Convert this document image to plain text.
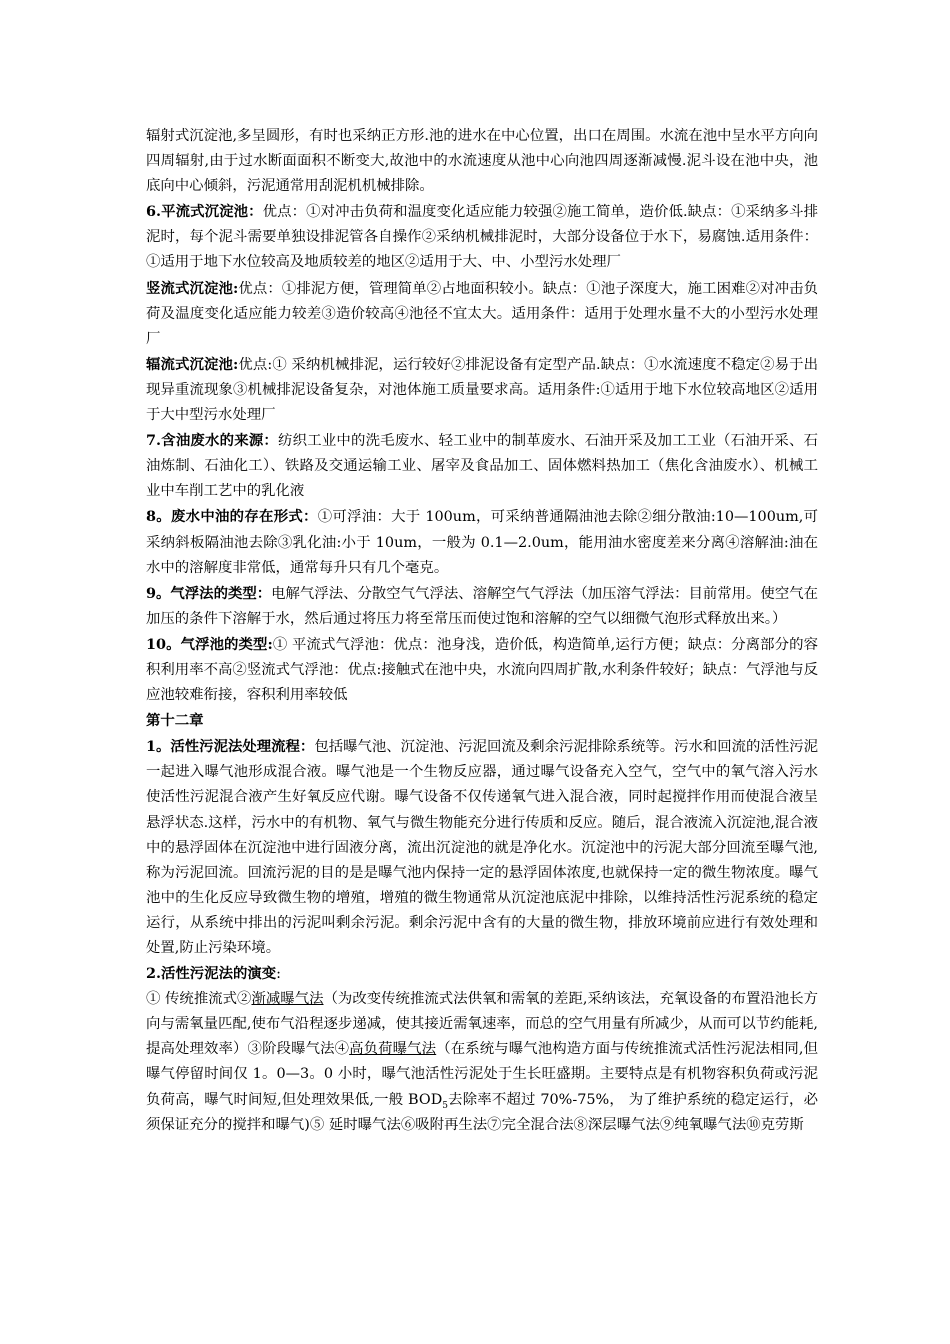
辐射式沉淀池,多呈圆形，有时也采纳正方形.池的进水在中心位置，出口在周围。水流在池中呈水平方向向四周辐射,由于过水断面面积不断变大,故池中的水流速度从池中心向池四周逐渐减慢.泥斗设在池中央，池底向中心倾斜，污泥通常用刮泥机机械排除。

6.平流式沉淀池：优点：①对冲击负荷和温度变化适应能力较强②施工简单，造价低.缺点：①采纳多斗排泥时，每个泥斗需要单独设排泥管各自操作②采纳机械排泥时，大部分设备位于水下，易腐蚀.适用条件：①适用于地下水位较高及地质较差的地区②适用于大、中、小型污水处理厂

竖流式沉淀池:优点：①排泥方便，管理简单②占地面积较小。缺点：①池子深度大，施工困难②对冲击负荷及温度变化适应能力较差③造价较高④池径不宜太大。适用条件：适用于处理水量不大的小型污水处理厂

辐流式沉淀池:优点:① 采纳机械排泥，运行较好②排泥设备有定型产品.缺点：①水流速度不稳定②易于出现异重流现象③机械排泥设备复杂，对池体施工质量要求高。适用条件:①适用于地下水位较高地区②适用于大中型污水处理厂

7.含油废水的来源：纺织工业中的洗毛废水、轻工业中的制革废水、石油开采及加工工业（石油开采、石油炼制、石油化工）、铁路及交通运输工业、屠宰及食品加工、固体燃料热加工（焦化含油废水）、机械工业中车削工艺中的乳化液

8。废水中油的存在形式：①可浮油：大于 100um，可采纳普通隔油池去除②细分散油:10—100um,可采纳斜板隔油池去除③乳化油:小于 10um，一般为 0.1—2.0um，能用油水密度差来分离④溶解油:油在水中的溶解度非常低，通常每升只有几个毫克。

9。气浮法的类型：电解气浮法、分散空气气浮法、溶解空气气浮法（加压溶气浮法：目前常用。使空气在加压的条件下溶解于水，然后通过将压力将至常压而使过饱和溶解的空气以细微气泡形式释放出来。）

10。气浮池的类型:① 平流式气浮池：优点：池身浅，造价低，构造简单,运行方便；缺点：分离部分的容积利用率不高②竖流式气浮池：优点:接触式在池中央，水流向四周扩散,水利条件较好；缺点：气浮池与反应池较难衔接，容积利用率较低

第十二章

1。活性污泥法处理流程：包括曝气池、沉淀池、污泥回流及剩余污泥排除系统等。污水和回流的活性污泥一起进入曝气池形成混合液。曝气池是一个生物反应器，通过曝气设备充入空气，空气中的氧气溶入污水使活性污泥混合液产生好氧反应代谢。曝气设备不仅传递氧气进入混合液，同时起搅拌作用而使混合液呈悬浮状态.这样，污水中的有机物、氧气与微生物能充分进行传质和反应。随后，混合液流入沉淀池,混合液中的悬浮固体在沉淀池中进行固液分离，流出沉淀池的就是净化水。沉淀池中的污泥大部分回流至曝气池,称为污泥回流。回流污泥的目的是是曝气池内保持一定的悬浮固体浓度,也就保持一定的微生物浓度。曝气池中的生化反应导致微生物的增殖，增殖的微生物通常从沉淀池底泥中排除，以维持活性污泥系统的稳定运行，从系统中排出的污泥叫剩余污泥。剩余污泥中含有的大量的微生物，排放环境前应进行有效处理和处置,防止污染环境。

2.活性污泥法的演变:

① 传统推流式②渐减曝气法（为改变传统推流式法供氧和需氧的差距,采纳该法，充氧设备的布置沿池长方向与需氧量匹配,使布气沿程逐步递减，使其接近需氧速率，而总的空气用量有所减少，从而可以节约能耗,提高处理效率）③阶段曝气法④高负荷曝气法（在系统与曝气池构造方面与传统推流式活性污泥法相同,但曝气停留时间仅 1。0—3。0 小时，曝气池活性污泥处于生长旺盛期。主要特点是有机物容积负荷或污泥负荷高，曝气时间短,但处理效果低,一般 $BOD_5$去除率不超过 70%-75%， 为了维护系统的稳定运行，必须保证充分的搅拌和曝气)⑤ 延时曝气法⑥吸附再生法⑦完全混合法⑧深层曝气法⑨纯氧曝气法⑩克劳斯
